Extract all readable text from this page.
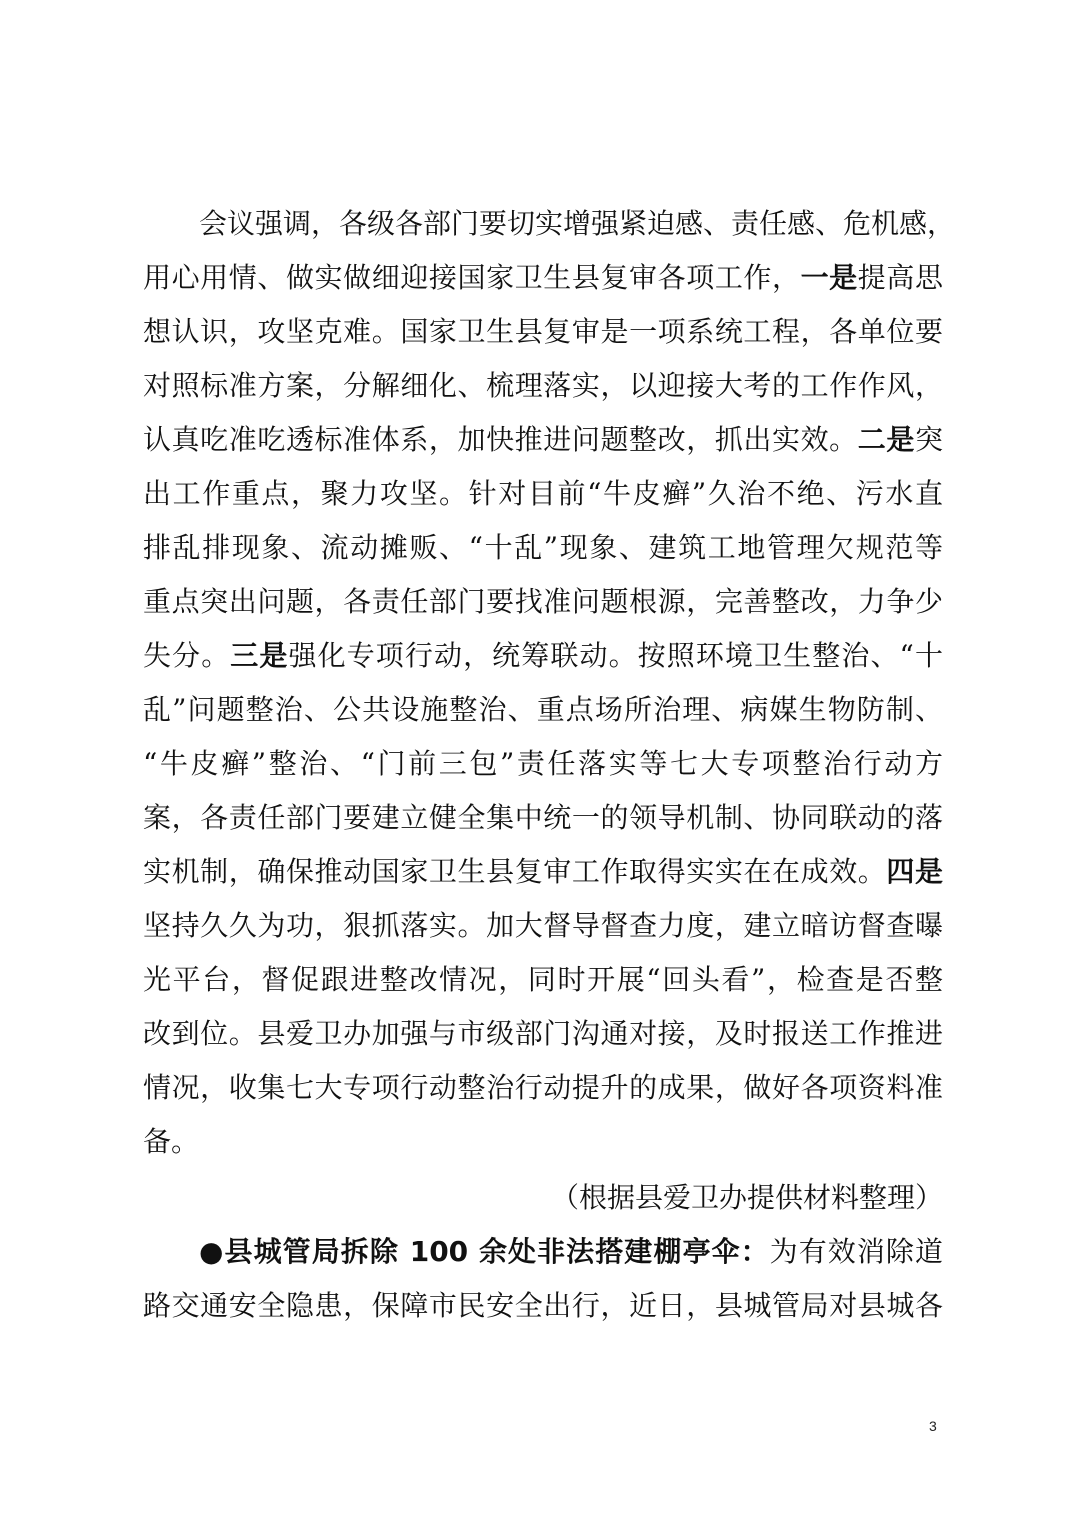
会议强调，各级各部门要切实增强紧迫感、责任感、危机感，
用心用情、做实做细迎接国家卫生县复审各项工作，一是提高思
想认识，攻坚克难。国家卫生县复审是一项系统工程，各单位要
对照标准方案，分解细化、梳理落实，以迎接大考的工作作风，
认真吃准吃透标准体系，加快推进问题整改，抓出实效。二是突
出工作重点，聚力攻坚。针对目前“牛皮癣”久治不绝、污水直
排乱排现象、流动摊贩、“十乱”现象、建筑工地管理欠规范等
重点突出问题，各责任部门要找准问题根源，完善整改，力争少
失分。三是强化专项行动，统筹联动。按照环境卫生整治、“十
乱”问题整治、公共设施整治、重点场所治理、病媒生物防制、
“牛皮癣”整治、“门前三包”责任落实等七大专项整治行动方
案，各责任部门要建立健全集中统一的领导机制、协同联动的落
实机制，确保推动国家卫生县复审工作取得实实在在成效。四是
坚持久久为功，狠抓落实。加大督导督查力度，建立暗访督查曝
光平台，督促跟进整改情况，同时开展“回头看”，检查是否整
改到位。县爱卫办加强与市级部门沟通对接，及时报送工作推进
情况，收集七大专项行动整治行动提升的成果，做好各项资料准
备。
（根据县爱卫办提供材料整理）
●县城管局拆除 100 余处非法搭建棚亭伞：为有效消除道
路交通安全隐患，保障市民安全出行，近日，县城管局对县城各
3
